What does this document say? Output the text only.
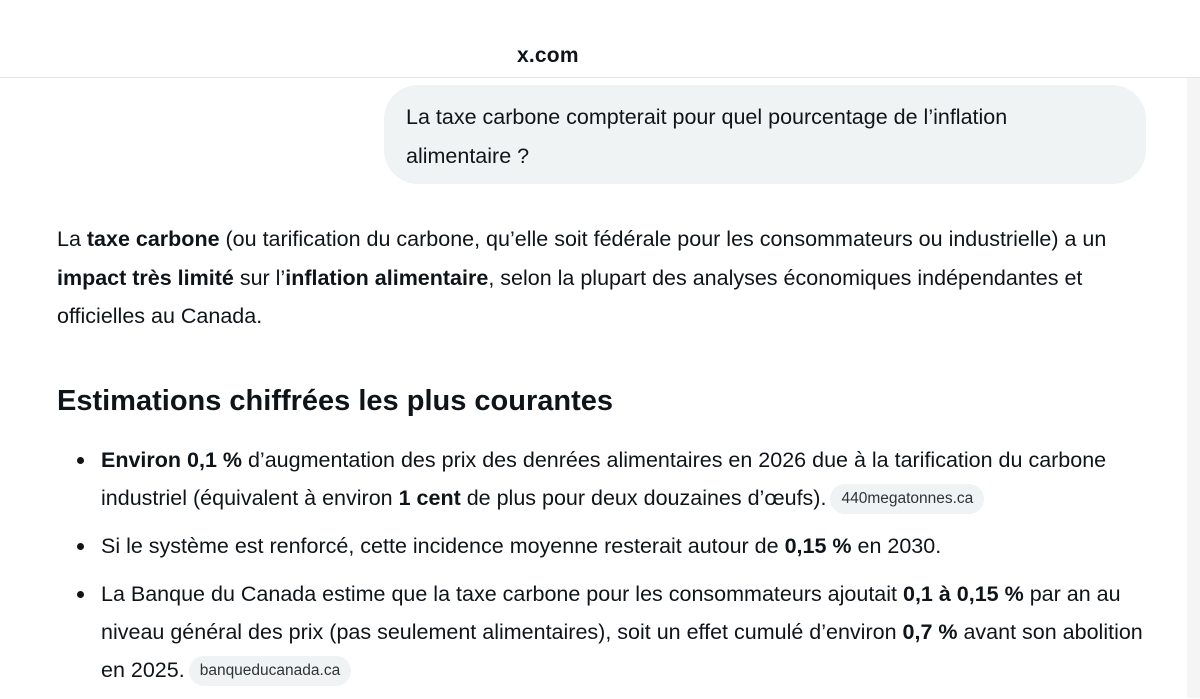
x.com
La taxe carbone compterait pour quel pourcentage de l’inflation
alimentaire ?
La taxe carbone (ou tarification du carbone, qu’elle soit fédérale pour les consommateurs ou industrielle) a un impact très limité sur l’inflation alimentaire, selon la plupart des analyses économiques indépendantes et officielles au Canada.
Estimations chiffrées les plus courantes
Environ 0,1 % d’augmentation des prix des denrées alimentaires en 2026 due à la tarification du carbone industriel (équivalent à environ 1 cent de plus pour deux douzaines d’œufs). 440megatonnes.ca
Si le système est renforcé, cette incidence moyenne resterait autour de 0,15 % en 2030.
La Banque du Canada estime que la taxe carbone pour les consommateurs ajoutait 0,1 à 0,15 % par an au niveau général des prix (pas seulement alimentaires), soit un effet cumulé d’environ 0,7 % avant son abolition en 2025. banqueducanada.ca
